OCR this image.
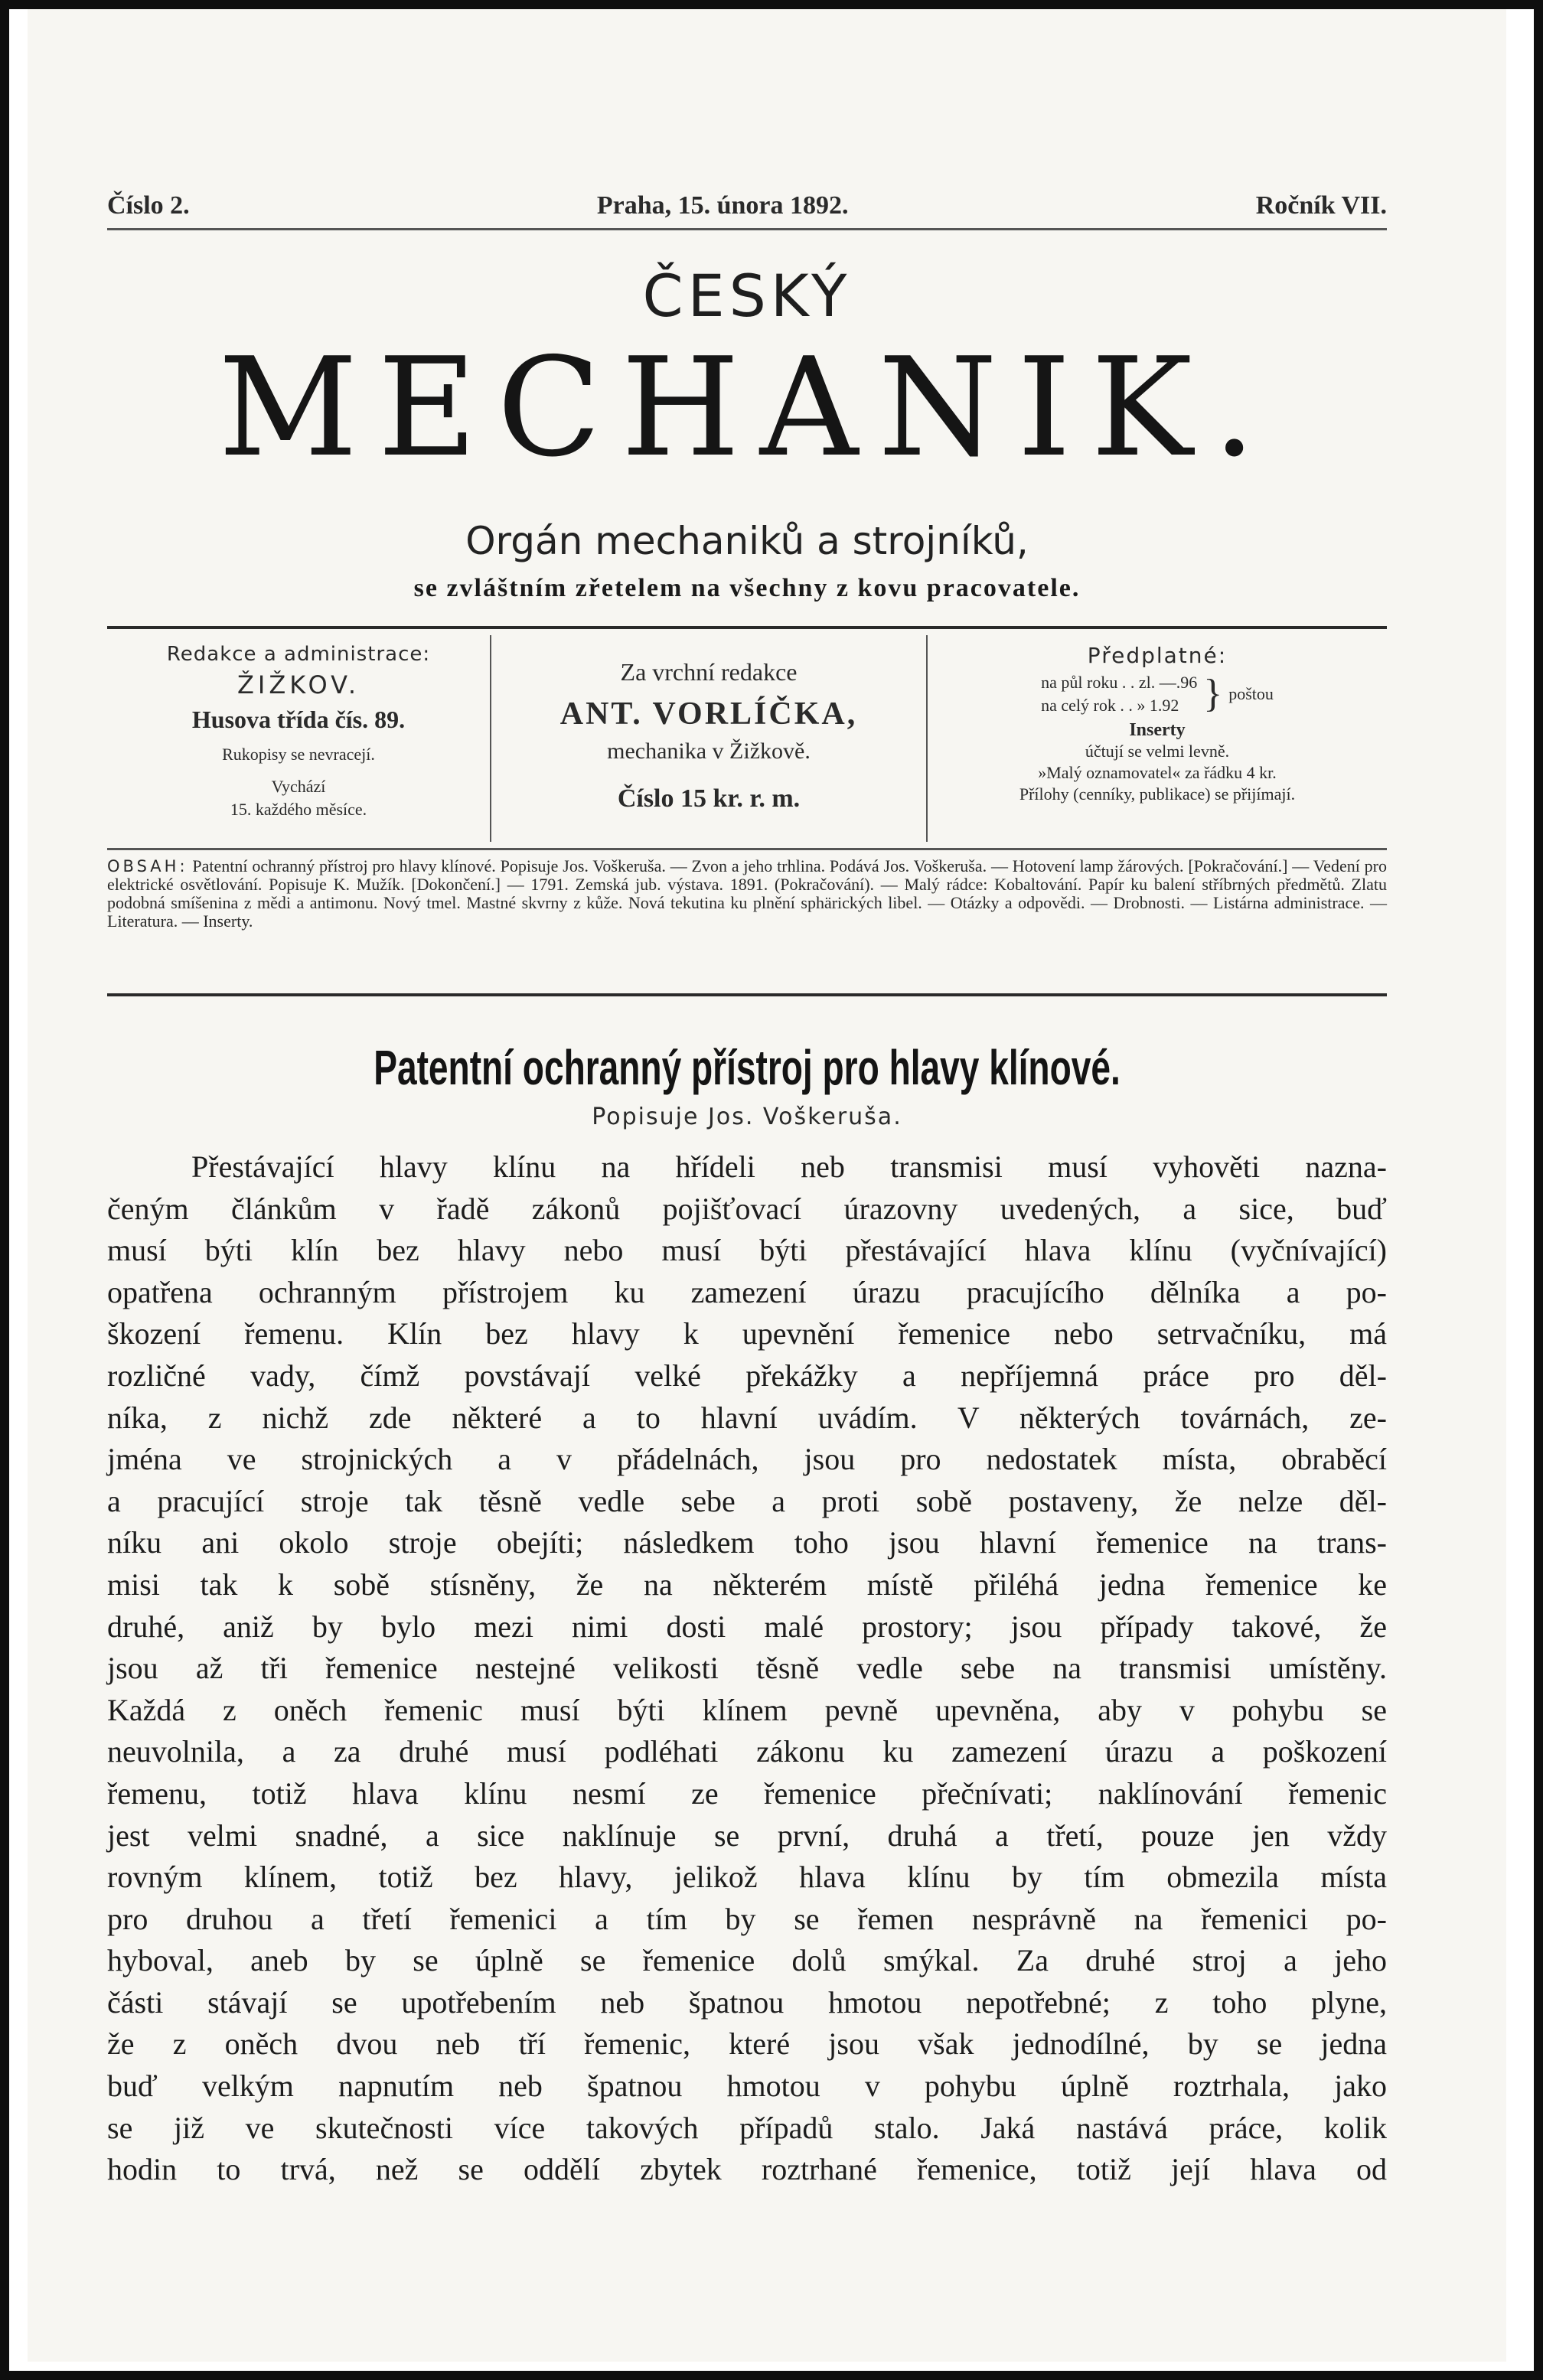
Číslo 2.	Praha, 15. února 1892.	Ročník VII.
ČESKÝ
MECHANIK.
Orgán mechaniků a strojníků,
se zvláštním zřetelem na všechny z kovu pracovatele.
Redakce a administrace:
ŽIŽKOV.
Husova třída čís. 89.
Rukopisy se nevracejí.
Vychází
15. každého měsíce.
Za vrchní redakce
ANT. VORLÍČKA,
mechanika v Žižkově.
Číslo 15 kr. r. m.
Předplatné:
na půl roku . . zl. —.96
na celý rok . . » 1.92 } poštou
Inserty
účtují se velmi levně.
»Malý oznamovatel« za řádku 4 kr.
Přílohy (cenníky, publikace) se přijímají.
OBSAH: Patentní ochranný přístroj pro hlavy klínové. Popisuje Jos. Voškeruša. — Zvon a jeho trhlina. Podává Jos. Voškeruša. — Hotovení lamp žárových. [Pokračování.] — Vedení pro elektrické osvětlování. Popisuje K. Mužík. [Dokončení.] — 1791. Zemská jub. výstava. 1891. (Pokračování). — Malý rádce: Kobaltování. Papír ku balení stříbrných předmětů. Zlatu podobná smíšenina z mědi a antimonu. Nový tmel. Mastné skvrny z kůže. Nová tekutina ku plnění sphärických libel. — Otázky a odpovědi. — Drobnosti. — Listárna administrace. — Literatura. — Inserty.
Patentní ochranný přístroj pro hlavy klínové.
Popisuje Jos. Voškeruša.
Přestávající hlavy klínu na hřídeli neb transmisi musí vyhověti nazna-
čeným článkům v řadě zákonů pojišťovací úrazovny uvedených, a sice, buď
musí býti klín bez hlavy nebo musí býti přestávající hlava klínu (vyčnívající)
opatřena ochranným přístrojem ku zamezení úrazu pracujícího dělníka a po-
škození řemenu. Klín bez hlavy k upevnění řemenice nebo setrvačníku, má
rozličné vady, čímž povstávají velké překážky a nepříjemná práce pro děl-
níka, z nichž zde některé a to hlavní uvádím. V některých továrnách, ze-
jména ve strojnických a v přádelnách, jsou pro nedostatek místa, obraběcí
a pracující stroje tak těsně vedle sebe a proti sobě postaveny, že nelze děl-
níku ani okolo stroje obejíti; následkem toho jsou hlavní řemenice na trans-
misi tak k sobě stísněny, že na některém místě přiléhá jedna řemenice ke
druhé, aniž by bylo mezi nimi dosti malé prostory; jsou případy takové, že
jsou až tři řemenice nestejné velikosti těsně vedle sebe na transmisi umístěny.
Každá z oněch řemenic musí býti klínem pevně upevněna, aby v pohybu se
neuvolnila, a za druhé musí podléhati zákonu ku zamezení úrazu a poškození
řemenu, totiž hlava klínu nesmí ze řemenice přečnívati; naklínování řemenic
jest velmi snadné, a sice naklínuje se první, druhá a třetí, pouze jen vždy
rovným klínem, totiž bez hlavy, jelikož hlava klínu by tím obmezila místa
pro druhou a třetí řemenici a tím by se řemen nesprávně na řemenici po-
hyboval, aneb by se úplně se řemenice dolů smýkal. Za druhé stroj a jeho
části stávají se upotřebením neb špatnou hmotou nepotřebné; z toho plyne,
že z oněch dvou neb tří řemenic, které jsou však jednodílné, by se jedna
buď velkým napnutím neb špatnou hmotou v pohybu úplně roztrhala, jako
se již ve skutečnosti více takových případů stalo. Jaká nastává práce, kolik
hodin to trvá, než se oddělí zbytek roztrhané řemenice, totiž její hlava od
